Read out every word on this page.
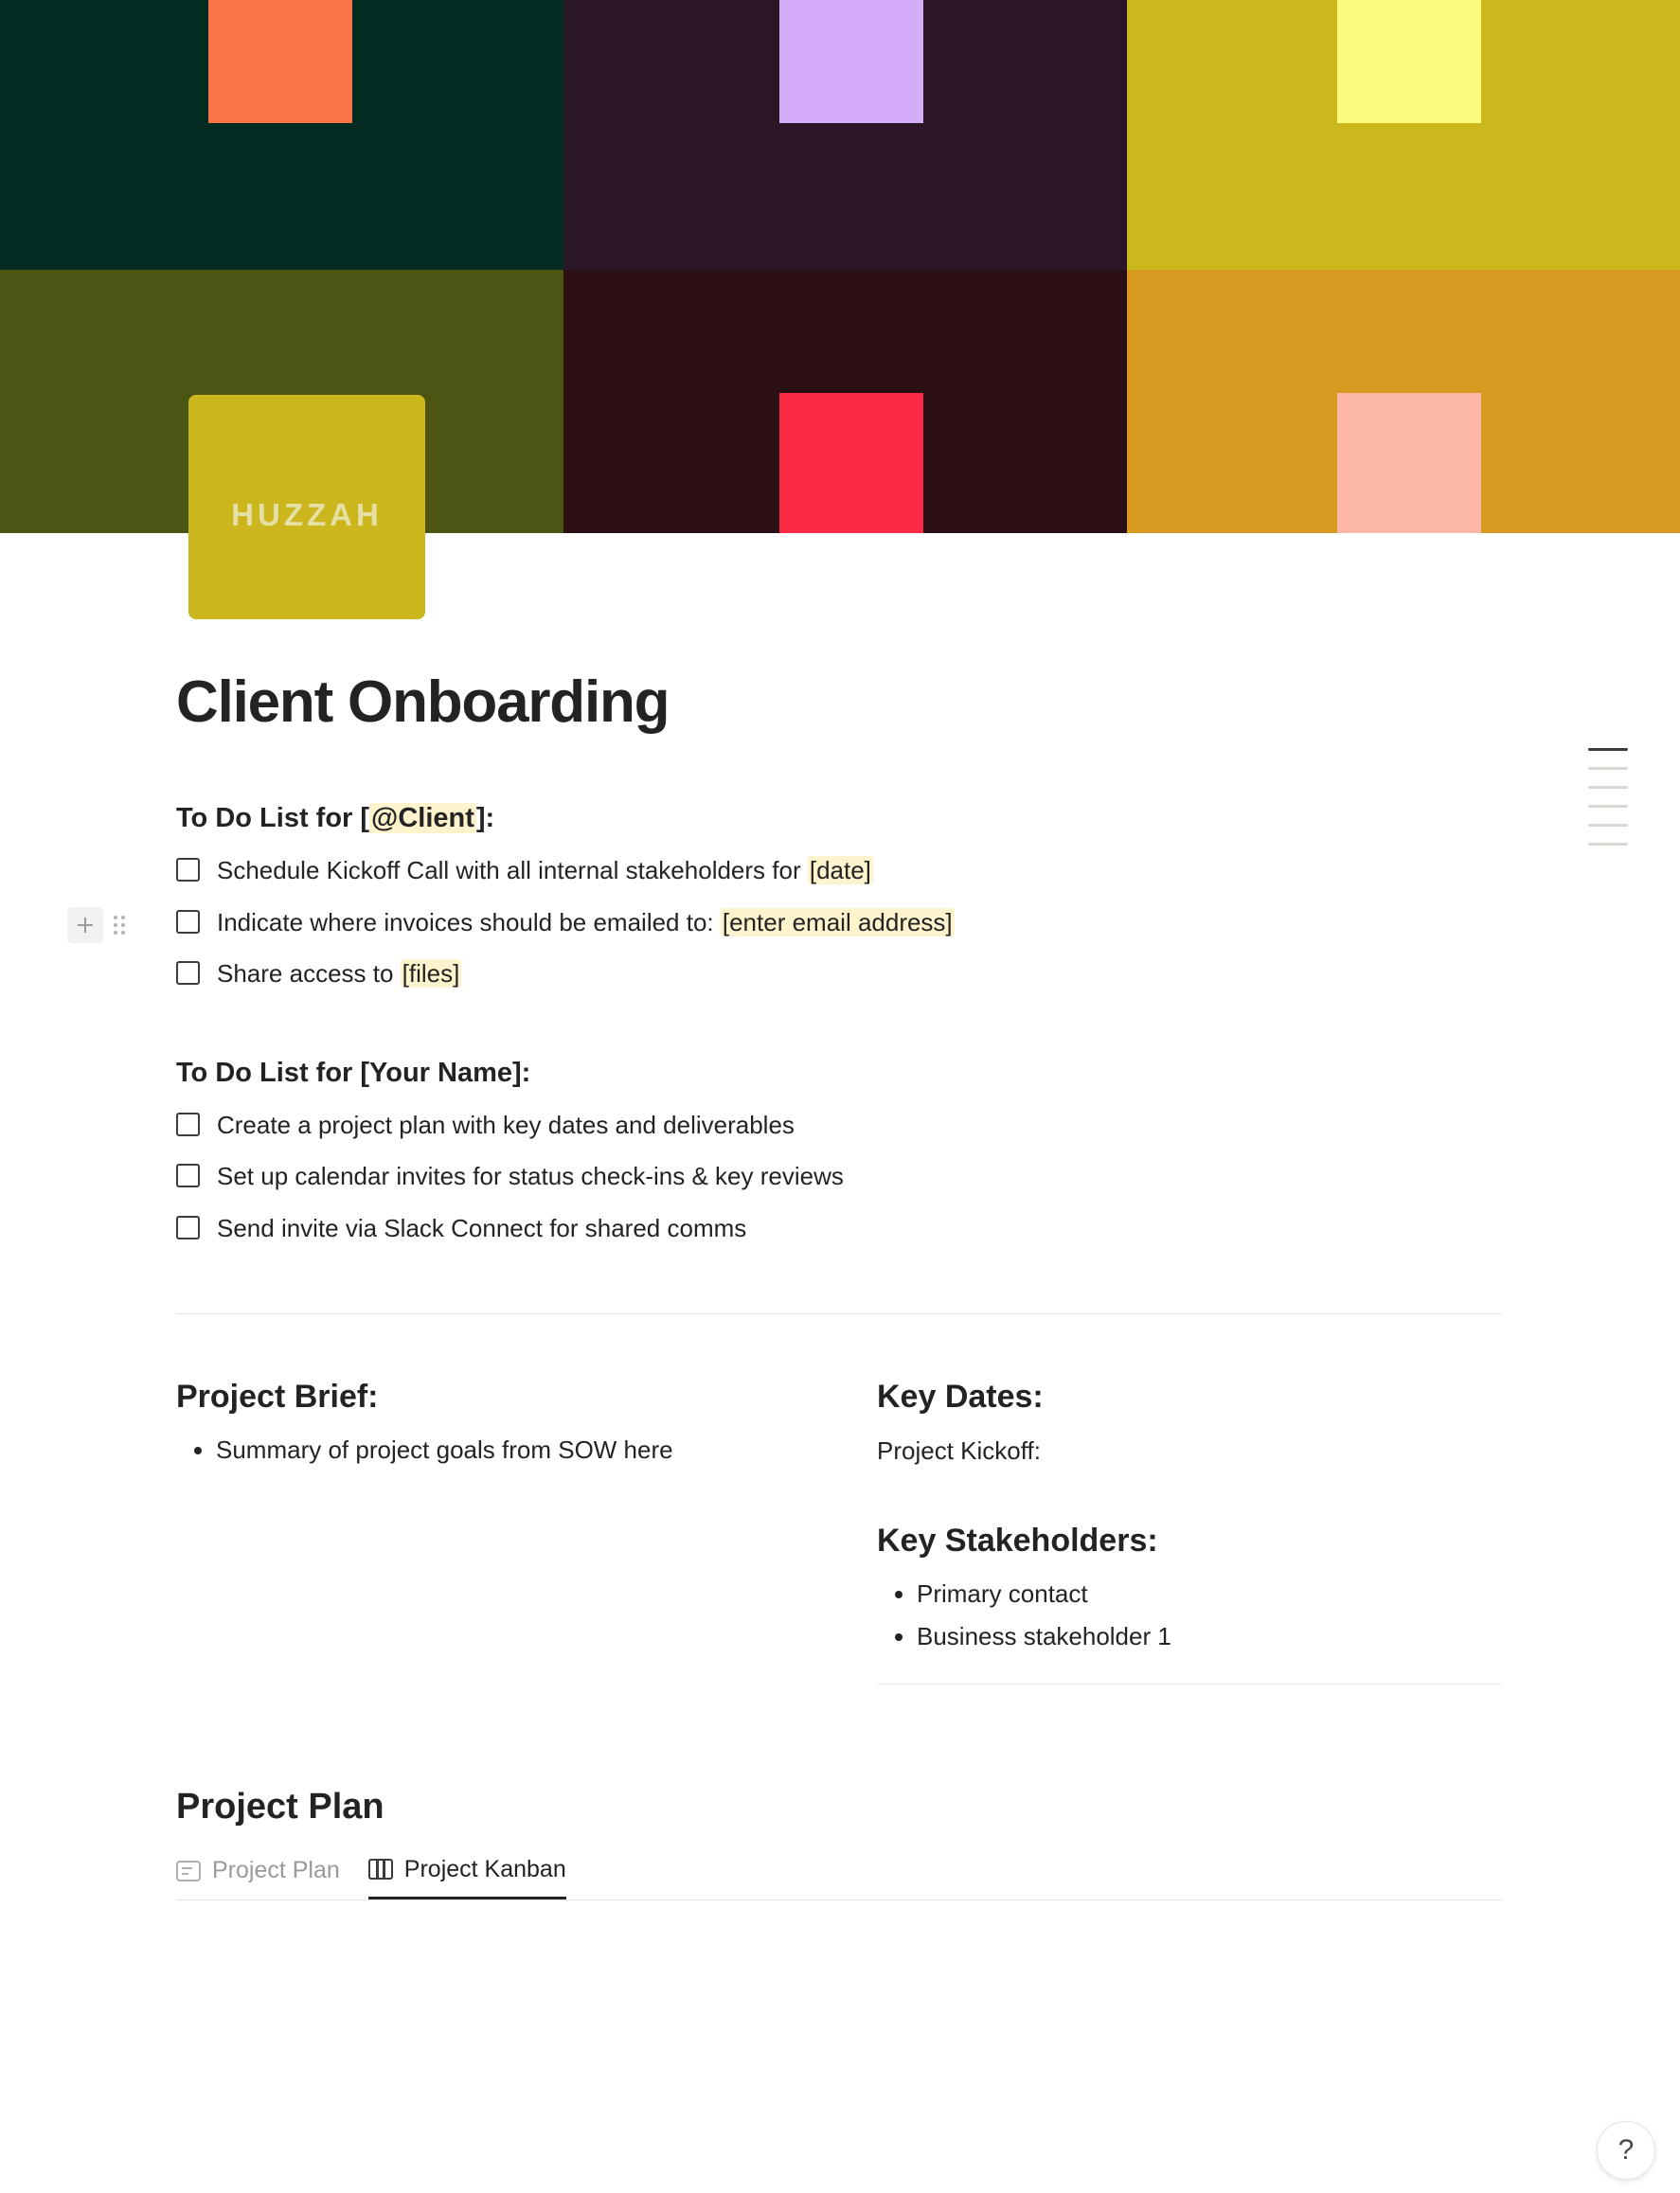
HUZZAH
Client Onboarding
To Do List for [@Client]:
Schedule Kickoff Call with all internal stakeholders for [date]
Indicate where invoices should be emailed to: [enter email address]
Share access to [files]
To Do List for [Your Name]:
Create a project plan with key dates and deliverables
Set up calendar invites for status check-ins & key reviews
Send invite via Slack Connect for shared comms
Project Brief:
• Summary of project goals from SOW here
Key Dates:
Project Kickoff:
Key Stakeholders:
• Primary contact
• Business stakeholder 1
Project Plan
Project Plan	Project Kanban
?
